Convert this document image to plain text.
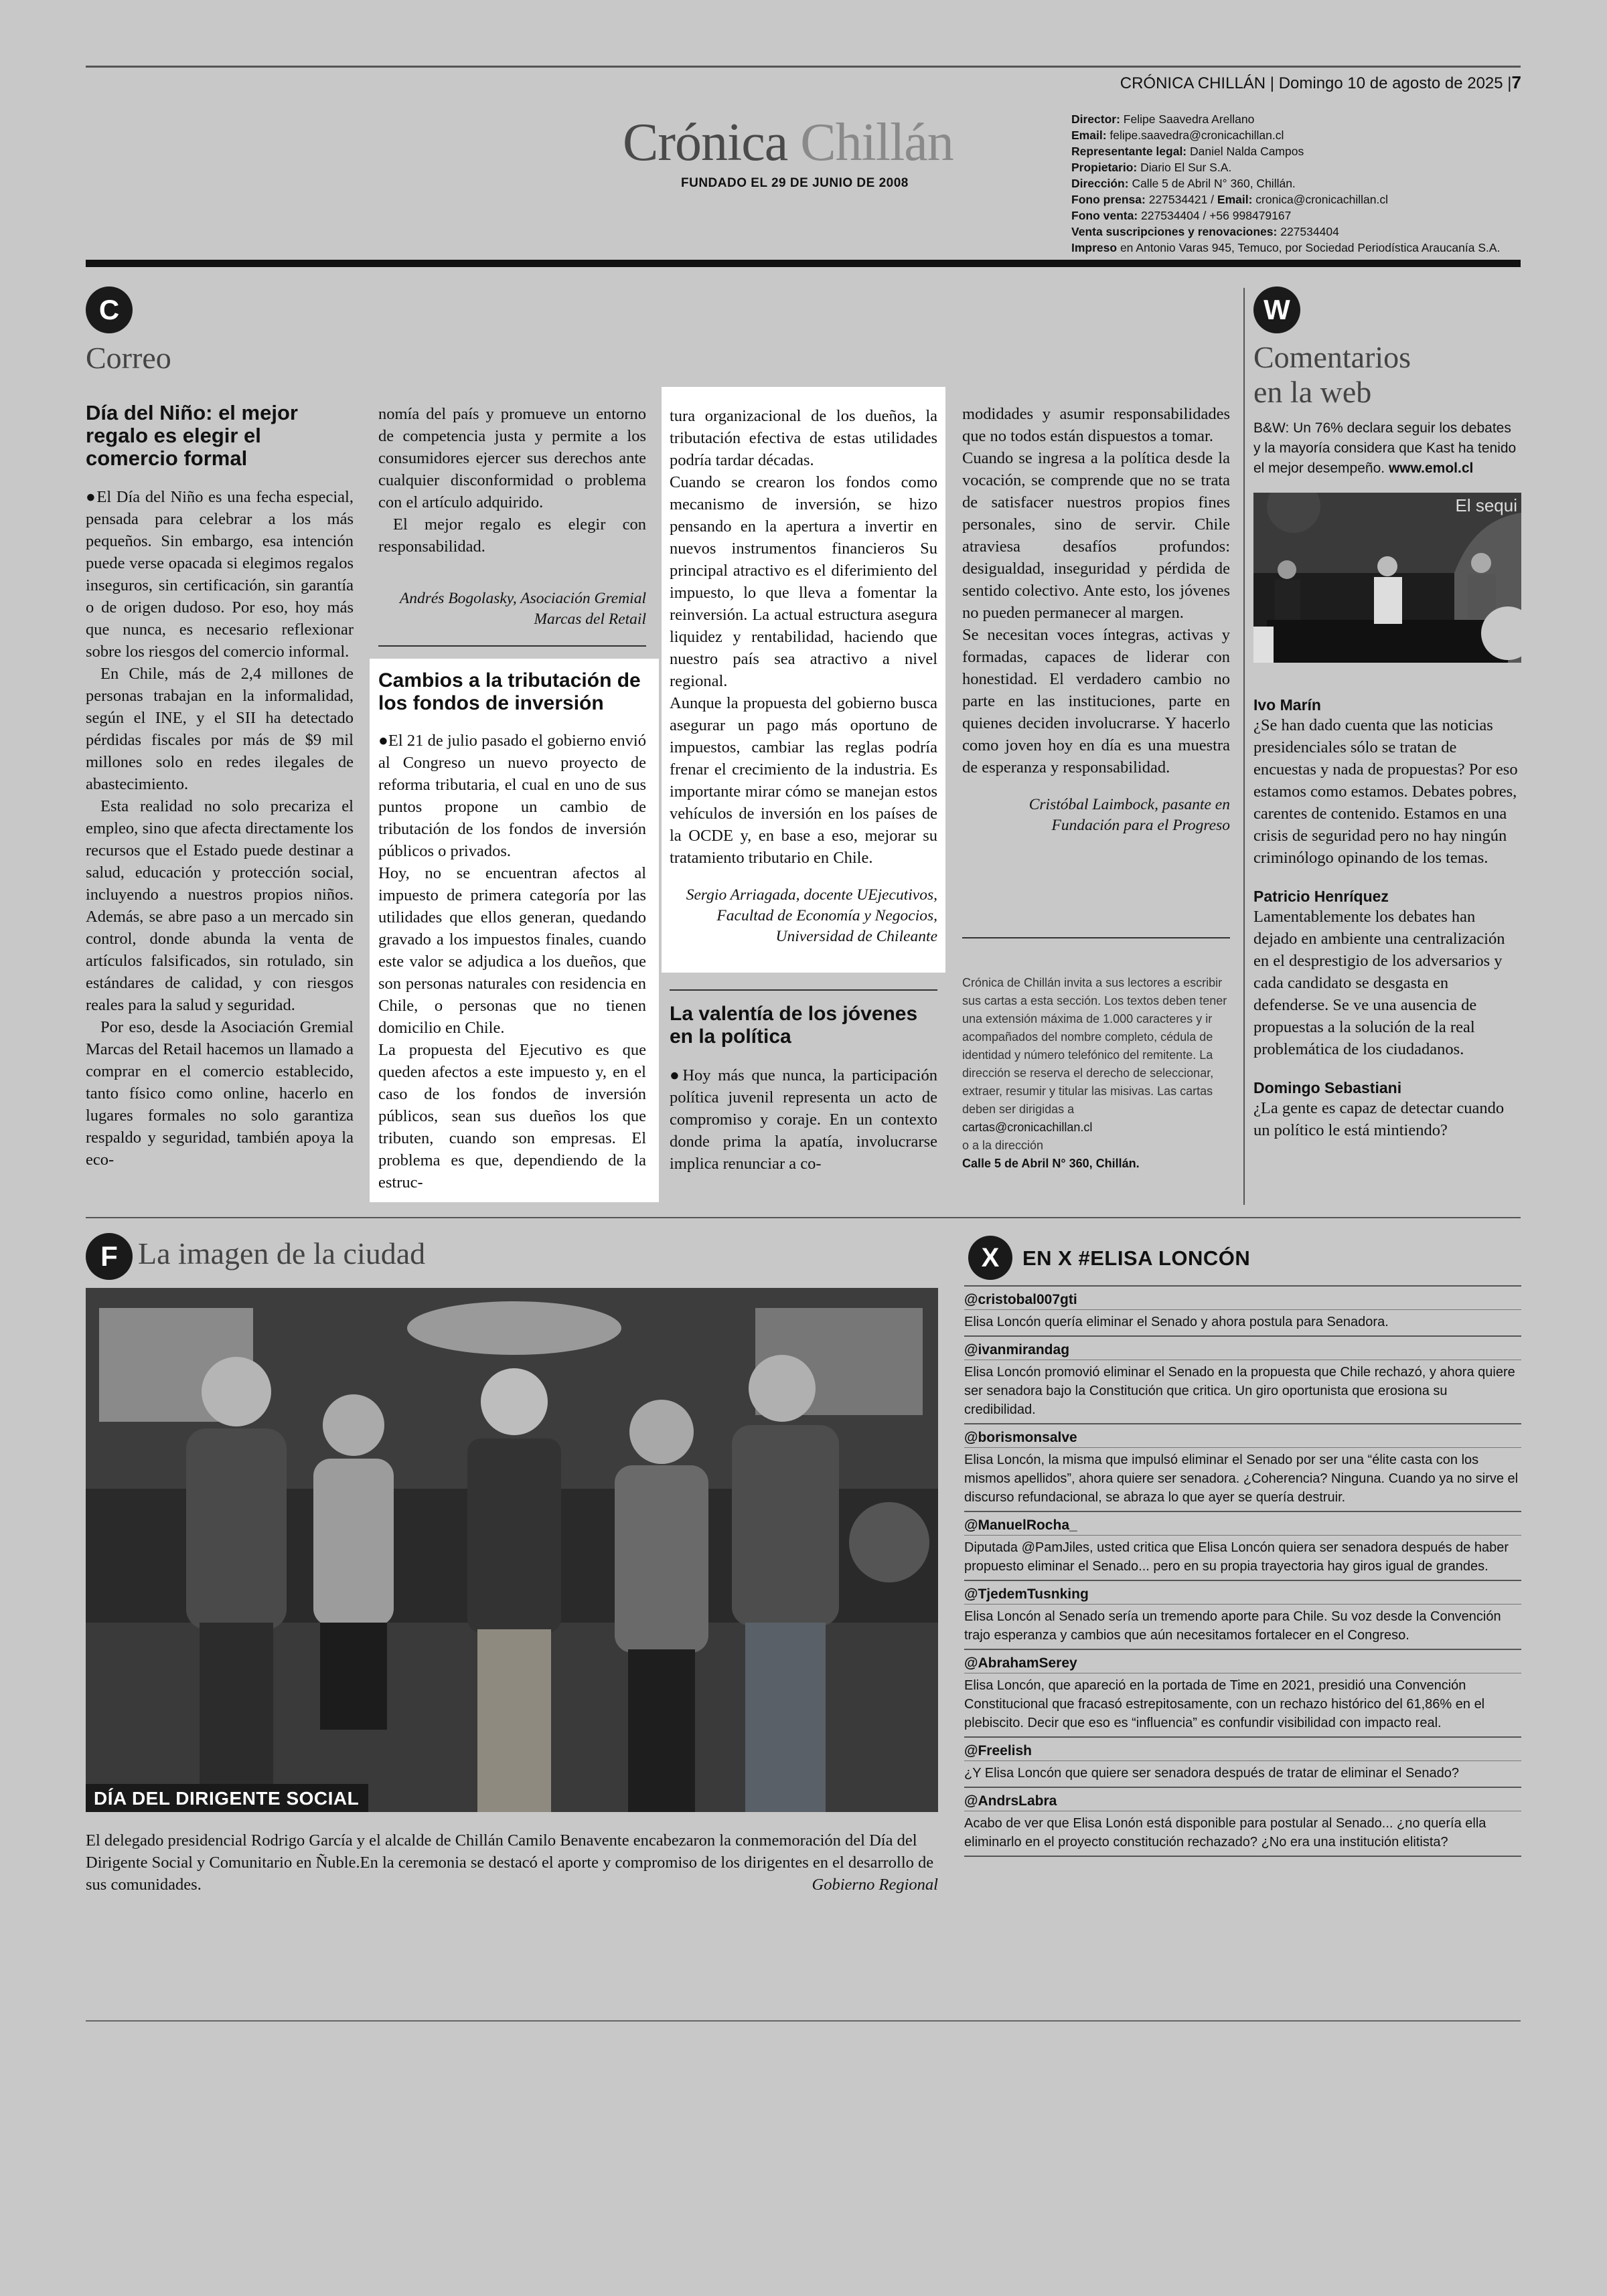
CRÓNICA CHILLÁN | Domingo 10 de agosto de 2025 |7
Crónica Chillán
FUNDADO EL 29 DE JUNIO DE 2008
Director: Felipe Saavedra Arellano
Email: felipe.saavedra@cronicachillan.cl
Representante legal: Daniel Nalda Campos
Propietario: Diario El Sur S.A.
Dirección: Calle 5 de Abril N° 360, Chillán.
Fono prensa: 227534421 / Email: cronica@cronicachillan.cl
Fono venta: 227534404 / +56 998479167
Venta suscripciones y renovaciones: 227534404
Impreso en Antonio Varas 945, Temuco, por Sociedad Periodística Araucanía S.A.
C
Correo
Día del Niño: el mejor regalo es elegir el comercio formal

●El Día del Niño es una fecha especial, pensada para celebrar a los más pequeños. Sin embargo, esa intención puede verse opacada si elegimos regalos inseguros, sin certificación, sin garantía o de origen dudoso. Por eso, hoy más que nunca, es necesario reflexionar sobre los riesgos del comercio informal.

En Chile, más de 2,4 millones de personas trabajan en la informalidad, según el INE, y el SII ha detectado pérdidas fiscales por más de $9 mil millones solo en redes ilegales de abastecimiento.

Esta realidad no solo precariza el empleo, sino que afecta directamente los recursos que el Estado puede destinar a salud, educación y protección social, incluyendo a nuestros propios niños. Además, se abre paso a un mercado sin control, donde abunda la venta de artículos falsificados, sin rotulado, sin estándares de calidad, y con riesgos reales para la salud y seguridad.

Por eso, desde la Asociación Gremial Marcas del Retail hacemos un llamado a comprar en el comercio establecido, tanto físico como online, hacerlo en lugares formales no solo garantiza respaldo y seguridad, también apoya la eco-

nomía del país y promueve un entorno de competencia justa y permite a los consumidores ejercer sus derechos ante cualquier disconformidad o problema con el artículo adquirido.

El mejor regalo es elegir con responsabilidad.

Andrés Bogolasky, Asociación Gremial Marcas del Retail
Cambios a la tributación de los fondos de inversión

●El 21 de julio pasado el gobierno envió al Congreso un nuevo proyecto de reforma tributaria, el cual en uno de sus puntos propone un cambio de tributación de los fondos de inversión públicos o privados.

Hoy, no se encuentran afectos al impuesto de primera categoría por las utilidades que ellos generan, quedando gravado a los impuestos finales, cuando este valor se adjudica a los dueños, que son personas naturales con residencia en Chile, o personas que no tienen domicilio en Chile.

La propuesta del Ejecutivo es que queden afectos a este impuesto y, en el caso de los fondos de inversión públicos, sean sus dueños los que tributen, cuando son empresas. El problema es que, dependiendo de la estruc-

tura organizacional de los dueños, la tributación efectiva de estas utilidades podría tardar décadas.

Cuando se crearon los fondos como mecanismo de inversión, se hizo pensando en la apertura a invertir en nuevos instrumentos financieros Su principal atractivo es el diferimiento del impuesto, lo que lleva a fomentar la reinversión. La actual estructura asegura liquidez y rentabilidad, haciendo que nuestro país sea atractivo a nivel regional.

Aunque la propuesta del gobierno busca asegurar un pago más oportuno de impuestos, cambiar las reglas podría frenar el crecimiento de la industria. Es importante mirar cómo se manejan estos vehículos de inversión en los países de la OCDE y, en base a eso, mejorar su tratamiento tributario en Chile.

Sergio Arriagada, docente UEjecutivos, Facultad de Economía y Negocios, Universidad de Chileante
La valentía de los jóvenes en la política

●Hoy más que nunca, la participación política juvenil representa un acto de compromiso y coraje. En un contexto donde prima la apatía, involucrarse implica renunciar a co-

modidades y asumir responsabilidades que no todos están dispuestos a tomar.

Cuando se ingresa a la política desde la vocación, se comprende que no se trata de satisfacer nuestros propios fines personales, sino de servir. Chile atraviesa desafíos profundos: desigualdad, inseguridad y pérdida de sentido colectivo. Ante esto, los jóvenes no pueden permanecer al margen.

Se necesitan voces íntegras, activas y formadas, capaces de liderar con honestidad. El verdadero cambio no parte en las instituciones, parte en quienes deciden involucrarse. Y hacerlo como joven hoy en día es una muestra de esperanza y responsabilidad.

Cristóbal Laimbock, pasante en Fundación para el Progreso
Crónica de Chillán invita a sus lectores a escribir sus cartas a esta sección. Los textos deben tener una extensión máxima de 1.000 caracteres y ir acompañados del nombre completo, cédula de identidad y número telefónico del remitente. La dirección se reserva el derecho de seleccionar, extraer, resumir y titular las misivas. Las cartas deben ser dirigidas a
cartas@cronicachillan.cl
o a la dirección
Calle 5 de Abril N° 360, Chillán.
W
Comentarios
en la web
B&W: Un 76% declara seguir los debates y la mayoría considera que Kast ha tenido el mejor desempeño. www.emol.cl
El sequi
Ivo Marín

¿Se han dado cuenta que las noticias presidenciales sólo se tratan de encuestas y nada de propuestas? Por eso estamos como estamos. Debates pobres, carentes de contenido. Estamos en una crisis de seguridad pero no hay ningún criminólogo opinando de los temas.

Patricio Henríquez

Lamentablemente los debates han dejado en ambiente una centralización en el desprestigio de los adversarios y cada candidato se desgasta en defenderse. Se ve una ausencia de propuestas a la solución de la real problemática de los ciudadanos.

Domingo Sebastiani

¿La gente es capaz de detectar cuando un político le está mintiendo?

F La imagen de la ciudad
DÍA DEL DIRIGENTE SOCIAL
El delegado presidencial Rodrigo García y el alcalde de Chillán Camilo Benavente encabezaron la conmemoración del Día del Dirigente Social y Comunitario en Ñuble.En la ceremonia se destacó el aporte y compromiso de los dirigentes en el desarrollo de sus comunidades.	Gobierno Regional
X	EN X #ELISA LONCÓN
@cristobal007gti
Elisa Loncón quería eliminar el Senado y ahora postula para Senadora.
@ivanmirandag
Elisa Loncón promovió eliminar el Senado en la propuesta que Chile rechazó, y ahora quiere ser senadora bajo la Constitución que critica. Un giro oportunista que erosiona su credibilidad.
@borismonsalve
Elisa Loncón, la misma que impulsó eliminar el Senado por ser una “élite casta con los mismos apellidos”, ahora quiere ser senadora. ¿Coherencia? Ninguna. Cuando ya no sirve el discurso refundacional, se abraza lo que ayer se quería destruir.
@ManuelRocha_
Diputada @PamJiles, usted critica que Elisa Loncón quiera ser senadora después de haber propuesto eliminar el Senado... pero en su propia trayectoria hay giros igual de grandes.
@TjedemTusnking
Elisa Loncón al Senado sería un tremendo aporte para Chile. Su voz desde la Convención trajo esperanza y cambios que aún necesitamos fortalecer en el Congreso.
@AbrahamSerey
Elisa Loncón, que apareció en la portada de Time en 2021, presidió una Convención Constitucional que fracasó estrepitosamente, con un rechazo histórico del 61,86% en el plebiscito. Decir que eso es “influencia” es confundir visibilidad con impacto real.
@Freelish
¿Y Elisa Loncón que quiere ser senadora después de tratar de eliminar el Senado?
@AndrsLabra
Acabo de ver que Elisa Lonón está disponible para postular al Senado... ¿no quería ella eliminarlo en el proyecto constitución rechazado? ¿No era una institución elitista?
